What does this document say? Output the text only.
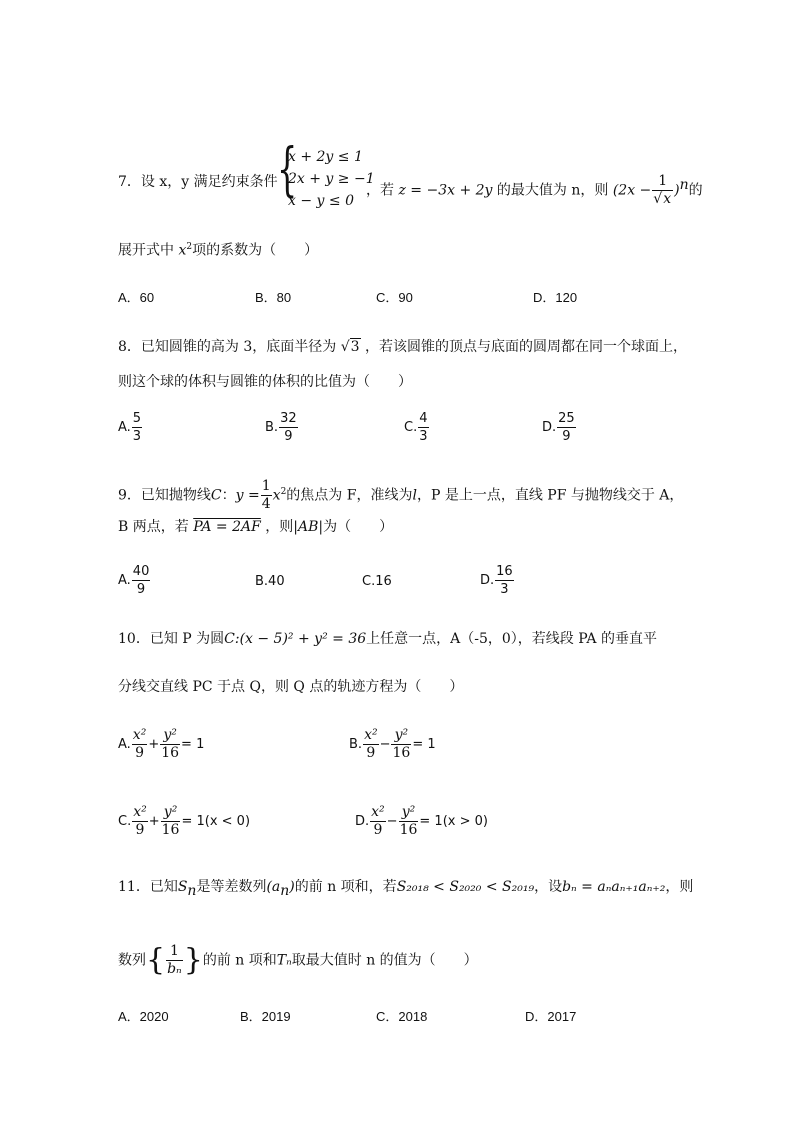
7．设 x，y 满足约束条件 {
x + 2y ≤ 1
2x + y ≥ −1
x − y ≤ 0
，若 z = −3x + 2y 的最大值为 n，则 $(2x - \frac{1}{√x} )^n$的
展开式中 $x^2$项的系数为（　　）
A．60	B．80	C．90	D．120
8．已知圆锥的高为 3，底面半径为 √3 ，若该圆锥的顶点与底面的圆周都在同一个球面上，
则这个球的体积与圆锥的体积的比值为（　　）
A. $\frac{5}{3}$	B. $\frac{32}{9}$	C. $\frac{4}{3}$	D. $\frac{25}{9}$
9．已知抛物线C：$y = \frac{1}{4} x^2$的焦点为 F，准线为l，P 是上一点，直线 PF 与抛物线交于 A，
B 两点，若 PA = 2AF ，则|AB|为（　　）
A. $\frac{40}{9}$	B.40	C.16	D. $\frac{16}{3}$
10．已知 P 为圆C:(x − 5)² + y² = 36上任意一点，A（-5，0），若线段 PA 的垂直平
分线交直线 PC 于点 Q，则 Q 点的轨迹方程为（　　）
A. $\frac{\text{x²}}{9} + \frac{\text{y²}}{16} = 1$	B. $\frac{\text{x²}}{9} - \frac{\text{y²}}{16} = 1$
C. $\frac{\text{x²}}{9} + \frac{\text{y²}}{16} = 1(x < 0)$	D. $\frac{\text{x²}}{9} - \frac{\text{y²}}{16} = 1(x > 0)$
11．已知$S_n$是等差数列$(a_n)$的前 n 项和，若S₂₀₁₈ < S₂₀₂₀ < S₂₀₁₉，设bₙ = aₙaₙ₊₁aₙ₊₂，则
数列{ $\frac{1}{\text{bₙ}}$ }的前 n 项和Tₙ取最大值时 n 的值为（　　）
A．2020	B．2019	C．2018	D．2017
